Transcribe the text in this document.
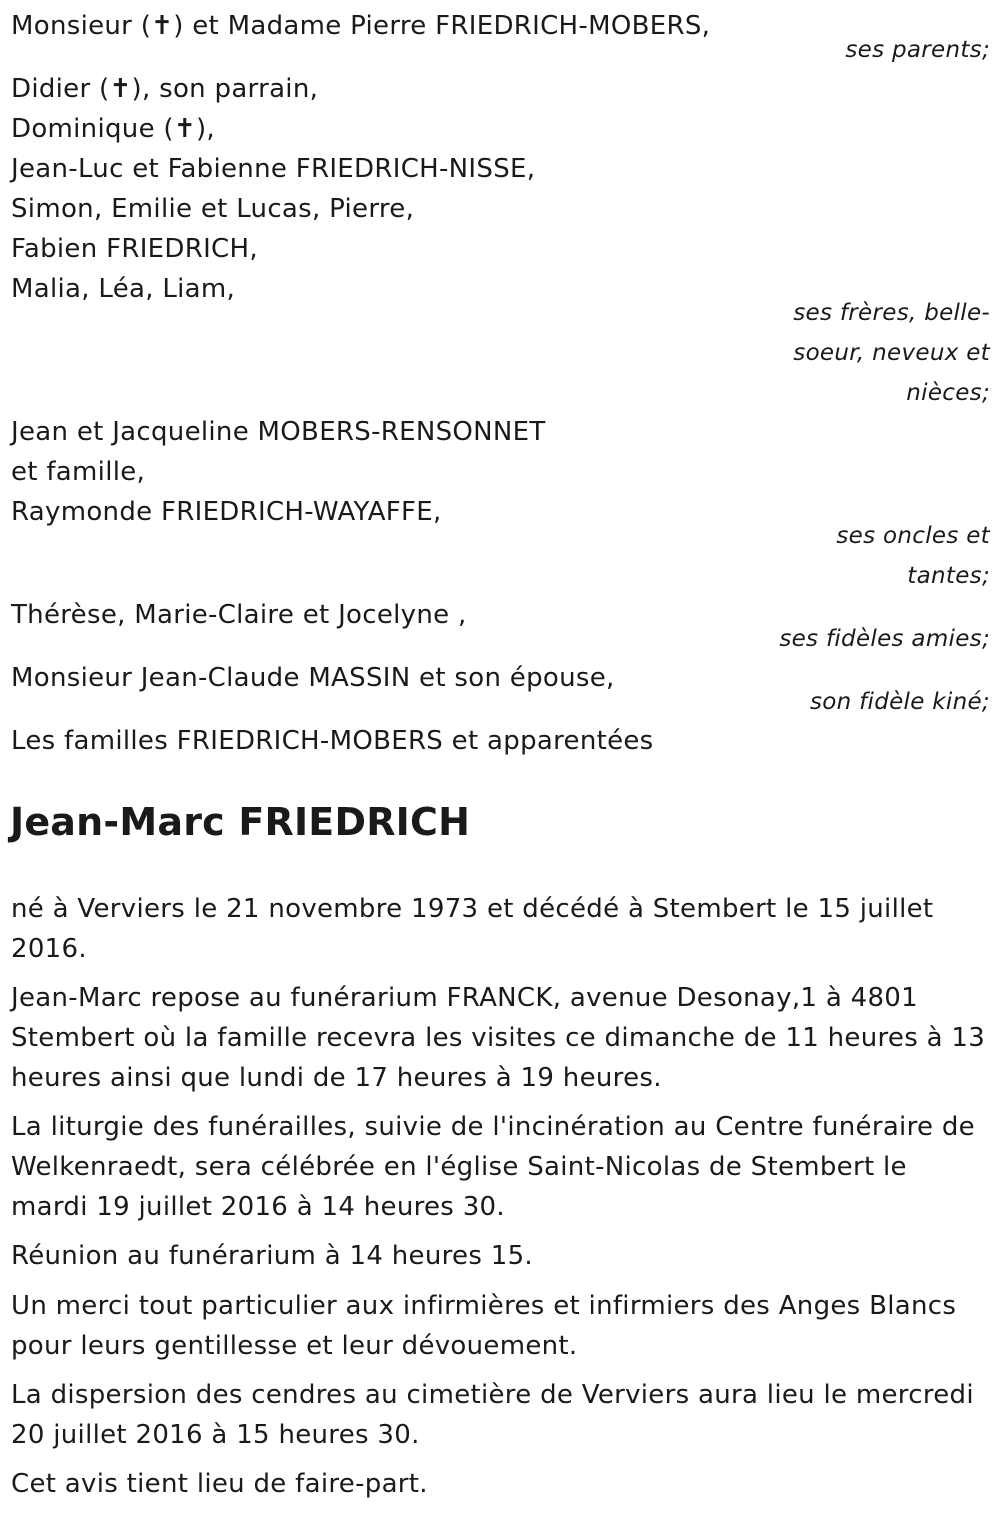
Monsieur (✝) et Madame Pierre FRIEDRICH-MOBERS,

ses parents;

Didier (✝), son parrain,

Dominique (✝),

Jean-Luc et Fabienne FRIEDRICH-NISSE,

Simon, Emilie et Lucas, Pierre,

Fabien FRIEDRICH,

Malia, Léa, Liam,

ses frères, belle-

soeur, neveux et

nièces;

Jean et Jacqueline MOBERS-RENSONNET

et famille,

Raymonde FRIEDRICH-WAYAFFE,

ses oncles et

tantes;

Thérèse, Marie-Claire et Jocelyne ,

ses fidèles amies;

Monsieur Jean-Claude MASSIN et son épouse,

son fidèle kiné;

Les familles FRIEDRICH-MOBERS et apparentées

Jean-Marc FRIEDRICH

né à Verviers le 21 novembre 1973 et décédé à Stembert le 15 juillet 2016.

Jean-Marc repose au funérarium FRANCK, avenue Desonay,1 à 4801 Stembert où la famille recevra les visites ce dimanche de 11 heures à 13 heures ainsi que lundi de 17 heures à 19 heures.

La liturgie des funérailles, suivie de l'incinération au Centre funéraire de Welkenraedt, sera célébrée en l'église Saint-Nicolas de Stembert le mardi 19 juillet 2016 à 14 heures 30.

Réunion au funérarium à 14 heures 15.

Un merci tout particulier aux infirmières et infirmiers des Anges Blancs pour leurs gentillesse et leur dévouement.

La dispersion des cendres au cimetière de Verviers aura lieu le mercredi 20 juillet 2016 à 15 heures 30.

Cet avis tient lieu de faire-part.
